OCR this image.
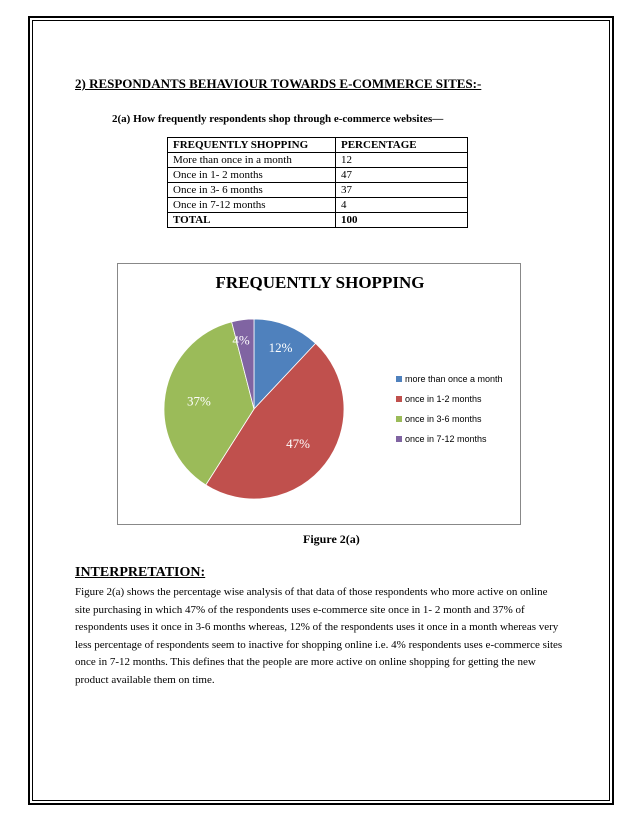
2) RESPONDANTS BEHAVIOUR TOWARDS E-COMMERCE SITES:-
2(a) How frequently respondents shop through e-commerce websites—
FREQUENTLY SHOPPING	PERCENTAGE
More than once in a month	12
Once in 1- 2 months	47
Once in 3- 6 months	37
Once in 7-12 months	4
TOTAL	100
FREQUENTLY SHOPPING
12%
47%
37%
4%
more than once a month
once in 1-2 months
once in 3-6 months
once in 7-12 months
Figure 2(a)
INTERPRETATION:
Figure 2(a) shows the percentage wise analysis of that data of those respondents who more active on online site purchasing in which 47% of the respondents uses e-commerce site once in 1- 2 month and 37% of respondents uses it once in 3-6 months whereas, 12% of the respondents uses it once in a month whereas very less percentage of respondents seem to inactive for shopping online i.e. 4% respondents uses e-commerce sites once in 7-12 months. This defines that the people are more active on online shopping for getting the new product available them on time.
